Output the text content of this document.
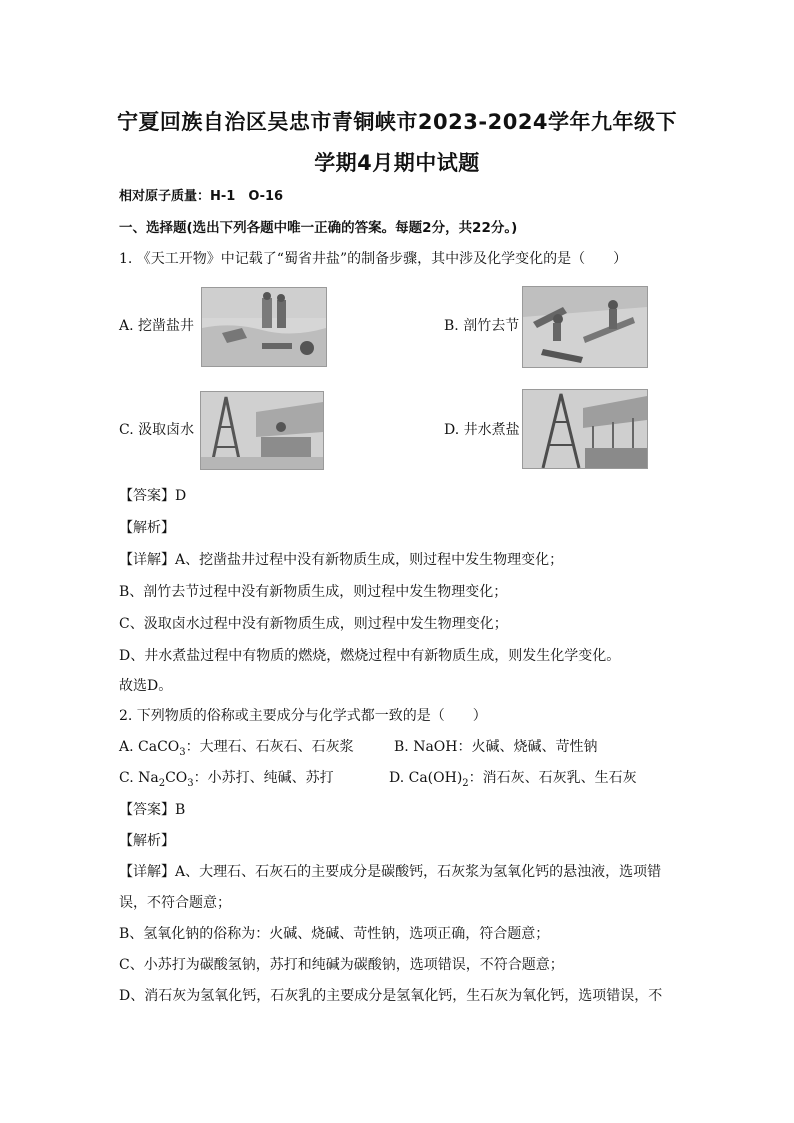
宁夏回族自治区吴忠市青铜峡市2023-2024学年九年级下
学期4月期中试题
相对原子质量：H-1　O-16
一、选择题(选出下列各题中唯一正确的答案。每题2分，共22分。)
1. 《天工开物》中记载了“蜀省井盐”的制备步骤，其中涉及化学变化的是（　　）
A. 挖凿盐井	B. 剖竹去节
C. 汲取卤水	D. 井水煮盐
【答案】D
【解析】
【详解】A、挖凿盐井过程中没有新物质生成，则过程中发生物理变化；
B、剖竹去节过程中没有新物质生成，则过程中发生物理变化；
C、汲取卤水过程中没有新物质生成，则过程中发生物理变化；
D、井水煮盐过程中有物质的燃烧，燃烧过程中有新物质生成，则发生化学变化。
故选D。
2. 下列物质的俗称或主要成分与化学式都一致的是（　　）
A. CaCO$_3$：大理石、石灰石、石灰浆	B. NaOH：火碱、烧碱、苛性钠
C. $Na_2CO_3$：小苏打、纯碱、苏打	D. $Ca(OH)_2$：消石灰、石灰乳、生石灰
【答案】B
【解析】
【详解】A、大理石、石灰石的主要成分是碳酸钙，石灰浆为氢氧化钙的悬浊液，选项错
误，不符合题意；
B、氢氧化钠的俗称为：火碱、烧碱、苛性钠，选项正确，符合题意；
C、小苏打为碳酸氢钠，苏打和纯碱为碳酸钠，选项错误，不符合题意；
D、消石灰为氢氧化钙，石灰乳的主要成分是氢氧化钙，生石灰为氧化钙，选项错误，不
